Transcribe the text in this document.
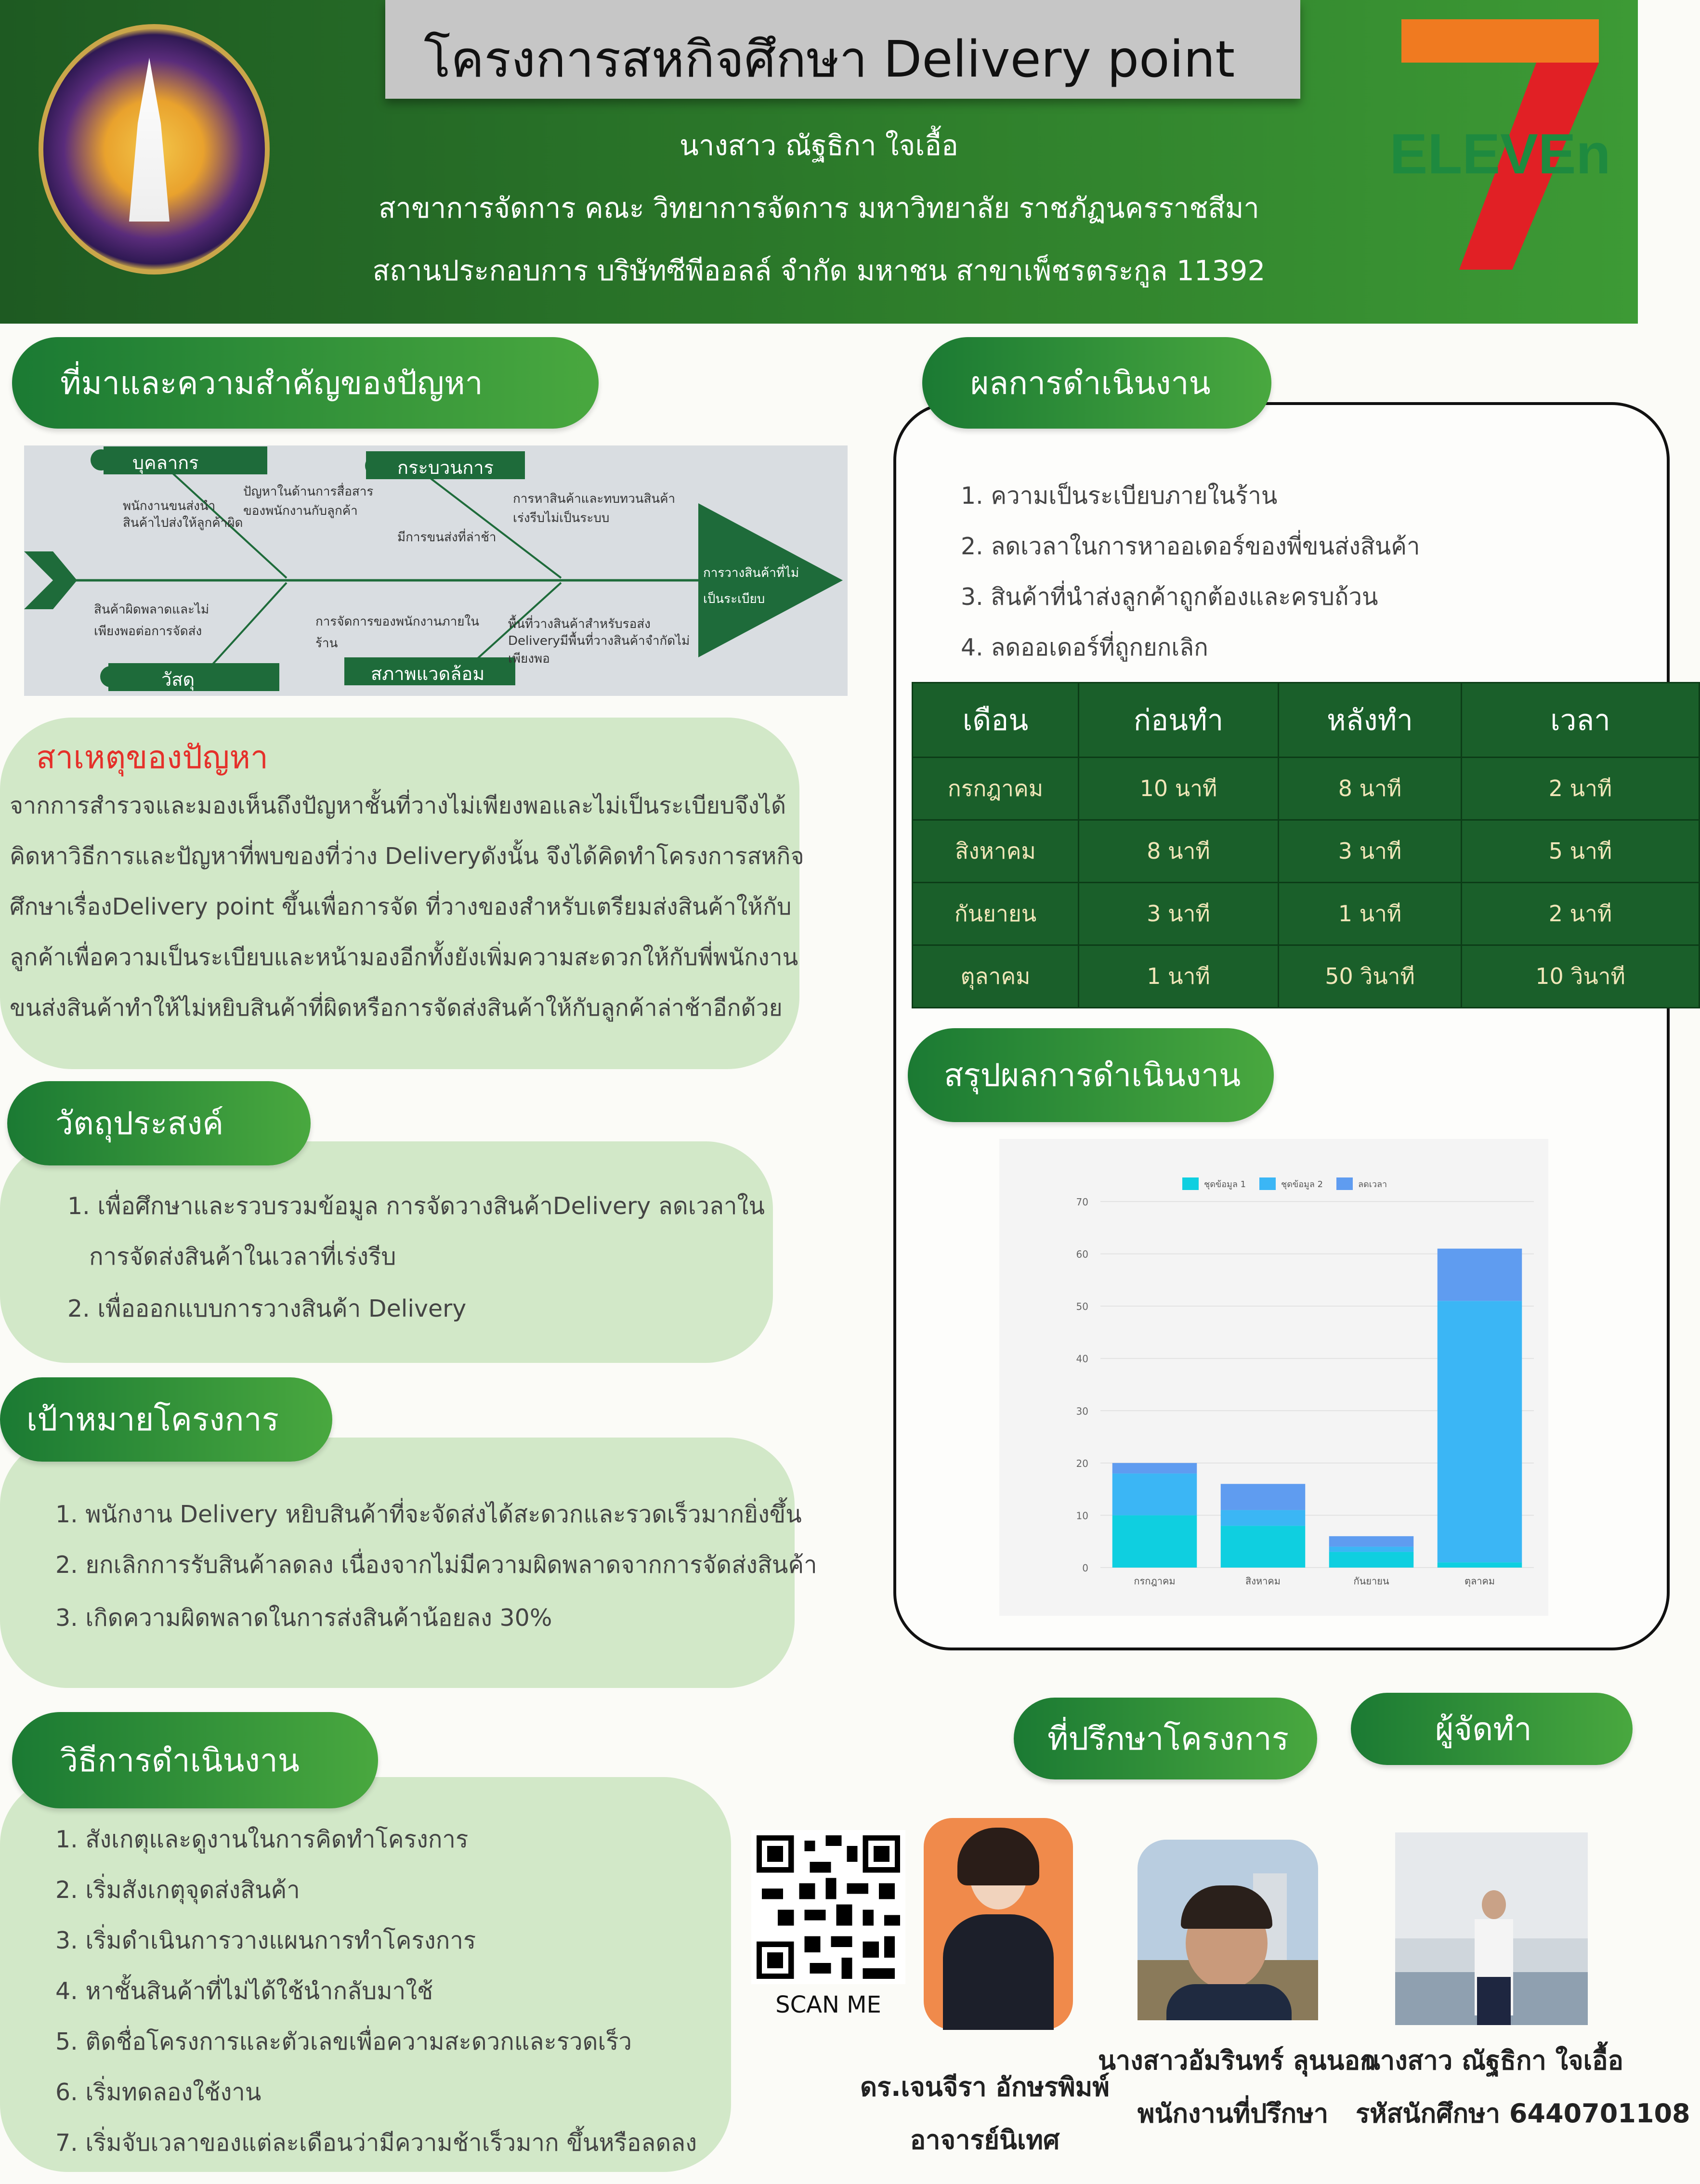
โครงการสหกิจศึกษา Delivery point
นางสาว ณัฐธิกา ใจเอื้อ
สาขาการจัดการ คณะ วิทยาการจัดการ มหาวิทยาลัย ราชภัฏนครราชสีมา
สถานประกอบการ บริษัทซีพีออลล์ จำกัด มหาชน สาขาเพ็ชรตระกูล 11392
ELEVEn
ที่มาและความสำคัญของปัญหา
บุคลากร	กระบวนการ
วัสดุ	สภาพแวดล้อม
การวางสินค้าที่ไม่เป็นระเบียบ
พนักงานขนส่งนำ
สินค้าไปส่งให้ลูกค้าผิด
ปัญหาในด้านการสื่อสาร
ของพนักงานกับลูกค้า
มีการขนส่งที่ล่าช้า
การหาสินค้าและทบทวนสินค้า
เร่งรีบไม่เป็นระบบ
สินค้าผิดพลาดและไม่
เพียงพอต่อการจัดส่ง
การจัดการของพนักงานภายใน
ร้าน
พื้นที่วางสินค้าสำหรับรอส่ง
Deliveryมีพื้นที่วางสินค้าจำกัดไม่
เพียงพอ
สาเหตุของปัญหา
จากการสำรวจและมองเห็นถึงปัญหาชั้นที่วางไม่เพียงพอและไม่เป็นระเบียบจึงได้
คิดหาวิธีการและปัญหาที่พบของที่ว่าง Deliveryดังนั้น จึงได้คิดทำโครงการสหกิจ
ศึกษาเรื่องDelivery point ขึ้นเพื่อการจัด ที่วางของสำหรับเตรียมส่งสินค้าให้กับ
ลูกค้าเพื่อความเป็นระเบียบและหน้ามองอีกทั้งยังเพิ่มความสะดวกให้กับพี่พนักงาน
ขนส่งสินค้าทำให้ไม่หยิบสินค้าที่ผิดหรือการจัดส่งสินค้าให้กับลูกค้าล่าช้าอีกด้วย
วัตถุประสงค์
1. เพื่อศึกษาและรวบรวมข้อมูล การจัดวางสินค้าDelivery ลดเวลาใน
การจัดส่งสินค้าในเวลาที่เร่งรีบ
2. เพื่อออกแบบการวางสินค้า Delivery
เป้าหมายโครงการ
1. พนักงาน Delivery หยิบสินค้าที่จะจัดส่งได้สะดวกและรวดเร็วมากยิ่งขึ้น
2. ยกเลิกการรับสินค้าลดลง เนื่องจากไม่มีความผิดพลาดจากการจัดส่งสินค้า
3. เกิดความผิดพลาดในการส่งสินค้าน้อยลง 30%
วิธีการดำเนินงาน
1. สังเกตุและดูงานในการคิดทำโครงการ
2. เริ่มสังเกตุจุดส่งสินค้า
3. เริ่มดำเนินการวางแผนการทำโครงการ
4. หาชั้นสินค้าที่ไม่ได้ใช้นำกลับมาใช้
5. ติดชื่อโครงการและตัวเลขเพื่อความสะดวกและรวดเร็ว
6. เริ่มทดลองใช้งาน
7. เริ่มจับเวลาของแต่ละเดือนว่ามีความช้าเร็วมาก ขึ้นหรือลดลง
ผลการดำเนินงาน
1. ความเป็นระเบียบภายในร้าน
2. ลดเวลาในการหาออเดอร์ของพี่ขนส่งสินค้า
3. สินค้าที่นำส่งลูกค้าถูกต้องและครบถ้วน
4. ลดออเดอร์ที่ถูกยกเลิก
เดือน	ก่อนทำ	หลังทำ	เวลา
กรกฎาคม	10 นาที	8 นาที	2 นาที
สิงหาคม	8 นาที	3 นาที	5 นาที
กันยายน	3 นาที	1 นาที	2 นาที
ตุลาคม	1 นาที	50 วินาที	10 วินาที
สรุปผลการดำเนินงาน
0
10
20
30
40
50
60
70
กรกฎาคม	สิงหาคม	กันยายน	ตุลาคม
ชุดข้อมูล 1	ชุดข้อมูล 2	ลดเวลา
ที่ปรึกษาโครงการ	ผู้จัดทำ
SCAN ME
ดร.เจนจีรา อักษรพิมพ์
อาจารย์นิเทศ
นางสาวอัมรินทร์ ลุนนอก
พนักงานที่ปรึกษา
นางสาว ณัฐธิกา ใจเอื้อ
รหัสนักศึกษา 6440701108
